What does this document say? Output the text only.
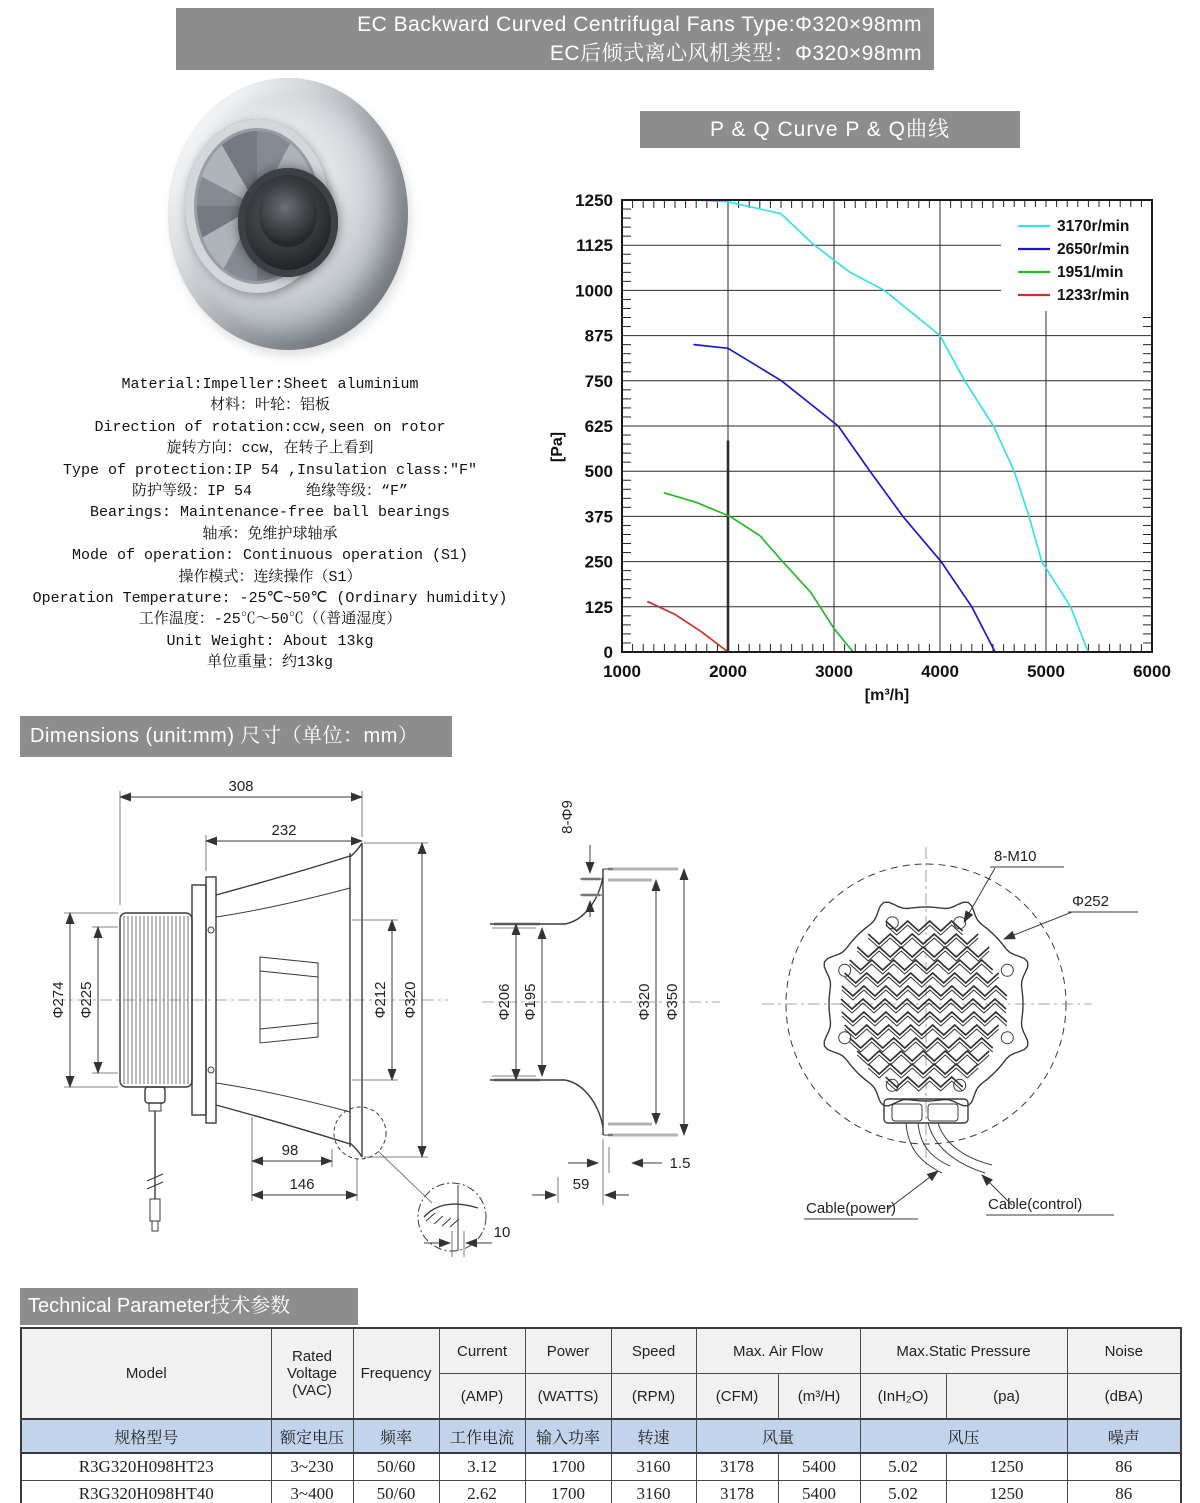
EC Backward Curved Centrifugal Fans Type:Φ320×98mm
EC后倾式离心风机类型：Φ320×98mm
P & Q Curve P & Q曲线
0
125
250
375
500
625
750
875
1000
1125
1250
1000	2000	3000	4000	5000	6000
[Pa]
[m³/h]
3170r/min
2650r/min
1951/min
1233r/min
Material:Impeller:Sheet aluminium
材料：叶轮：铝板
Direction of rotation:ccw,seen on rotor
旋转方向：ccw，在转子上看到
Type of protection:IP 54 ,Insulation class:"F"
防护等级：IP 54      绝缘等级：“F”
Bearings: Maintenance-free ball bearings
轴承：免维护球轴承
Mode of operation: Continuous operation (S1)
操作模式：连续操作（S1）
Operation Temperature: -25℃~50℃ (Ordinary humidity)
工作温度：-25℃～50℃（（普通湿度）
Unit Weight: About 13kg
单位重量：约13kg
Dimensions (unit:mm) 尺寸（单位：mm）
308
232
Φ274 Φ225	Φ212 Φ320
98
146
10
8-Φ9
Φ206 Φ195	Φ320 Φ350
1.5
59
8-M10
Φ252
Cable(power)	Cable(control)
Technical Parameter技术参数
Model	Rated Voltage (VAC)	Frequency	Current	Power	Speed	Max. Air Flow		Max.Static Pressure		Noise
			(AMP)	(WATTS)	(RPM)	(CFM)	(m³/H)	(InH₂O)	(pa)	(dBA)
规格型号	额定电压	频率	工作电流	输入功率	转速	风量		风压		噪声
R3G320H098HT23	3~230	50/60	3.12	1700	3160	3178	5400	5.02	1250	86
R3G320H098HT40	3~400	50/60	2.62	1700	3160	3178	5400	5.02	1250	86
